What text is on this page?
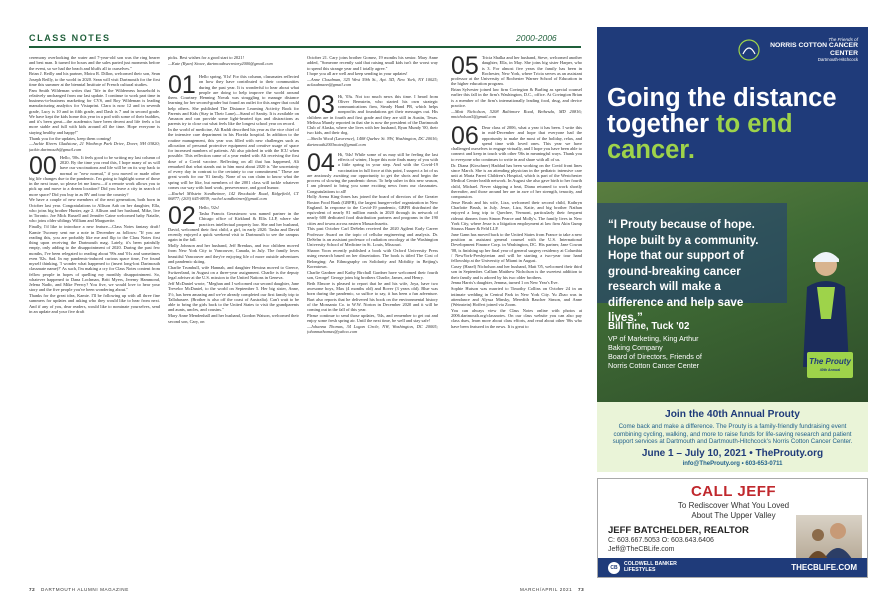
CLASS NOTES	2000-2006

ceremony overlooking the water and 7-year-old son was the ring bearer and best man. It turned for hours and the sales parted just moments before the event, so we had the beach and bluffs all to ourselves."

Brian J. Reilly and his partner, Moira R. Dillon, welcomed their son, Sean Joseph Reilly, to the world in 2020. Sean will visit Dartmouth for the first time this summer at the biennial Institute of French cultural studies.

Pam Smith Wildeman writes that "life in the Wilderness household is relatively unchanged from our last update. I continue to work part time in business-to-business marketing for CVS, and Roy Wildeman is leading manufacturing analytics for Vistaprint. Clara is now 12 and in seventh grade, Lucy is 10 and in fifth grade, and Dash is 7 and in second grade. We have kept the kids home this year in a pod with some of their buddies, and it's been great—the academics have been decent and life feels a lot more stable and full with kids around all the time. Hope everyone is staying healthy and happy!"

Thank you for the updates, keep them coming!

—Jackie Rivers Gladstone, 21 Winthrop Park Drive, Dover, NH 03820; jackie.dartmouth@gmail.com

00 Hello, '00s. It feels good to be writing my last column of 2020. By the time you read this, I hope many of us will have our vaccinations and life will be on its way back to normal or "new normal," if you moved or made other big life changes due to the pandemic. I'm going to highlight some of those in the next issue, so please let me know—if a remote work allows you to pick up and move to a dream location? Did you leave a city in search of more space? Did you buy in as RV and tour the country?

We have a couple of new members of the next generation, both born in October last year. Congratulations to Allison Aab on her daughter, Ella, who joins big brother Hunter, age 2. Allison and her husband, Mike, live in Toronto. Joe Mick Russell and Jennifer Caine welcomed baby Natalie, who joins older siblings William and Marguerite.

Finally, I'd like to introduce a new feature—Class Notes fantasy draft! Kamie Twomey sent me a note in December as follows: "If you are reading this, you are probably like me and flip to the Class Notes first thing upon receiving the Dartmouth mag. Lately, it's been painfully empty, only adding to the disappointment of 2020. During the past few months, I've been relegated to reading about '99s and '01s and sometimes even '02s. Sad. In my pandemic-induced curious space time, I've found myself thinking, 'I wonder what happened to (insert long-lost Dartmouth classmate name)?' As such, I'm making a cry for Class Notes content from fellow people in hopes of quelling my monthly disappointment. So, whatever happened to Dana Lochman, Britt Myers, Jeremy Hammond, Jelena Nadic, and Mike Peercy? You five, we would love to hear your story and the five people you've been wondering about."

Thanks for the great idea, Kamie. I'll be following up with all three fine summers for updates and asking who they would like to hear from next. And if any of you, dear readers, would like to nominate yourselves, send in an update and your five draft

picks. Best wishes for a good start to 2021!

—Kate (Ryan) Stowe, dartmouthsecretary2000@gmail.com

01 Hello spring, '01s! For this column, classmates reflected on how they have contributed to their communities during the past year. It is wonderful to hear about what people are doing to help improve the world around them. Courtney Henning Novak was struggling to manage distance learning for her second-grader but found an outlet for this anger that could help others. She published The Distance Learning Activity Book for Parents and Kids (Stay in Their Lane)—Stand of Sanity. It is available on Amazon and can provide some light-hearted tips and distractions as parents try to close out what feels like the longest school year on record.

In the world of medicine, Ali Raddi described his year as the vice chief of the intensive care department in his Florida hospital. In addition to the routine management, this year was filled with new challenges such as allocation of personal protective equipment and creative usage of space for increased numbers of patients. Ali also pitched in with the ICU when possible. This reflection came of a year ended with Ali receiving the first dose of a Covid vaccine. Reflecting on all that has happened, Ali remarked that what stands out to him most about 2020 is "the uncertainty of every day in contrast to the certainty to our commitment." These are great words for our '01 family. None of us can claim to know what the spring will be like, but members of the 2001 class will tackle whatever comes our way with hard work, perseverance, and good humor.

—Rachel Milstein Sondheimer, 142 Brookside Road, Ridgefield, CT 06877; (203) 645-8839; rachel.sondheimer@gmail.com

02 Hello, '02s!

Tasha Francis Gerasimow was named partner in the Chicago office of Kirkland & Ellis LLP, where she practices intellectual property law. She and her husband, David, welcomed their first child, a girl, in early 2020. Tasha and David recently enjoyed a quick weekend visit to Dartmouth to see the campus again in the fall.

Molly Johnson and her husband, Jeff Brenkus, and two children moved from New York City to Vancouver, Canada, in July. The family loves beautiful Vancouver and they're enjoying life of more outside adventures and pandemic skiing.

Charlie Trumbull, wife Hannah, and daughter Hewina moved to Greece, Switzerland, in August on a three-year assignment. Charlie is the deputy legal adviser at the U.S. mission to the United Nations in Geneva.

Jeff McDaniel wrote, "Meghan and I welcomed our second daughter, Jane Trevelor McDaniel, to the world on September 5. Her big sister, Anne, 3½, has been amazing and we've already completed our first family trip to Tallahassee. (Brother is also off the coast of Australia). Can't wait to be able to bring the girls back to the United States to visit the grandparents and aunts, uncles, and cousins."

Mary Anne Mendenhall and her husband, Gordon Watson, welcomed their second son, Cary, on

October 21. Cary joins brother Gomez, 19 months his senior. Mary Anne added, "Someone recently said that raising small kids isn't the worst way to spend this strange year and I totally agree."

I hope you all are well and keep sending in your updates!

—Anne Cloudman, 325 West 59th St., Apt. 5D, New York, NY 10025; aclaudmann@gmail.com

03 Hi, '03s. Not too much news this time. I heard from Oliver Bernstein, who started his own strategic communications firm, Steady Hand PR, which helps nonprofits and foundations get their messages out. His children are in fourth and first grade and they are still in Austin, Texas. Melissa Mundy reported in that she is now the president of the Dartmouth Club of Alaska, where she lives with her husband, Ryan Mundy '00, their two kids, and their dog.

—Sheila Wood (Lawrence), 1408 Quebec St. NW, Washington, DC 20016; dartmouth2003notes@gmail.com

04 Hi, '04s! While some of us may still be feeling the last effects of winter, I hope this note finds many of you with a little spring in your step. And with the Covid-19 vaccination in full force at this point, I suspect a lot of us are anxiously awaiting our opportunity to get the shots and begin the process of slowing the pandemic down. To help usher in this new season, I am pleased to bring you some exciting news from our classmates. Congratulations to all!

Holly Arena King-Jones has joined the board of directors of the Greater Boston Food Bank (GBFB), the largest hunger-relief organization in New England. In response to the Covid-19 pandemic, GBFB distributed the equivalent of nearly 81 million meals in 2020 through its network of nearly 600 dedicated food distribution partners and programs in the 190 cities and towns across eastern Massachusetts.

This past October Carl DeSelm received the 2020 Agilent Early Career Professor Award on the topic of cellular engineering and analysis. Dr. DeSelm is an assistant professor of radiation oncology at the Washington University School of Medicine in St. Louis, Missouri.

Sharon Yoon recently published a book with Oxford University Press using research based on her dissertation. The book is titled The Cost of Belonging: An Ethnography on Solidarity and Mobility in Beijing's Koreatown.

Charlie Gardner and Kathy Birchall Gardner have welcomed their fourth son, George! George joins big brothers Charlie, James, and Henry.

Beth Elmore is pleased to report that he and his wife, Joya, have two awesome boys, Max (4 months old) and Rover (3 years old). Blue was born during the pandemic, so suffice to say, it has been a fun adventure. Bart also reports that he delivered his book on the environmental history of the Monsanto Co. to W.W. Norton in December 2020 and it will be coming out in the fall of this year.

Please continue to send those updates, '04s, and remember to get out and enjoy some fresh spring air. Until the next time, be well and stay safe!

—Johanna Thomas, 34 Logan Circle, NW, Washington, DC 20005; johannathomas@yahoo.com

05 Tricia Shalka and her husband, Steve, welcomed another daughter, Ella, in May. She joins big sister Harper, who is 3. For almost five years the family has been in Rochester, New York, where Tricia serves as an assistant professor at the University of Rochester Warner School of Education in the higher education program.

Brian Sylvester joined law firm Covington & Burling as special counsel earlier this fall in the firm's Washington, D.C., office. At Covington Brian is a member of the firm's internationally leading food, drug, and device practice.

—Matt Nicholson, 5208 Baltimore Road, Bethesda, MD 20816; mnicholson5@gmail.com

06 Dear class of 2006, what a year it has been. I write this in mid-December and hope that everyone had the opportunity to make the most of the holiday, relax, and spend time with loved ones. This year we have challenged ourselves to engage virtually, and I hope you have been able to connect and keep in touch with other '06s in meaningful ways. Thank you to everyone who continues to write in and share with all of us.

Dr. Diana (Kirschner) Haddad has been working on the Covid front lines since March. She is an attending physician in the pediatric intensive care unit at Maria Fareri Children's Hospital, which is part of the Westchester Medical Center health network. In August she also gave birth to her fourth child, Michael. Never skipping a beat, Diana returned to work shortly thereafter, and those around her are in awe of her strength, tenacity, and compassion.

Jesse Brush and his wife, Liza, welcomed their second child, Kathryn Charlotte Brush, in July. Jesse, Liza, Katie, and big brother Nathan enjoyed a long trip to Quechee, Vermont, particularly their frequent rideout dinners from Simon Pearce and Molly's. The family lives in New York City, where Jesse is a litigation employment at law firm Akin Gump Strauss Hauer & Feld LLP.

Jane Gann has moved back to the United States from France to take a new position as assistant general counsel with the U.S. International Development Finance Corp. in Washington, DC. His partner, Jane Cowan '08, is finishing up her final year of general surgery residency at Columbia / NewYork-Presbyterian and will be starting a two-year tour hand fellowship at the University of Miami in August.

Casey (Hazel) Nicholson and her husband, Matt '05, welcomed their third son in September. Callum Matthew Nicholson is the sweetest addition to their family and is adored by his two older brothers.

Jenna Harris's daughter, Jemma, turned 1 on New Year's Eve.

Sophie Hutson was married to Timothy Collins on October 24 in an intimate wedding in Central Park in New York City. Yu Zhao was in attendance and Alyssa Minsky, Meredith Rascher Simon, and Anne (Weinstein) Hoffert joined via Zoom.

You can always view the Class Notes online with photos at 2006.dartmouth.org/classnotes. On our class website you can also pay class dues, learn more about class efforts, and read about other '06s who have been featured in the news. It is great to

72 DARTMOUTH ALUMNI MAGAZINE	MARCH/APRIL 2021 73
The Friends of
NORRIS COTTON CANCER CENTER
Dartmouth-Hitchcock
Going the distance together to end cancer.
“I Prouty because of hope. Hope built by a community. Hope that our support of ground-breaking cancer research will make a difference and help save lives.”
Bill Tine, Tuck '02
VP of Marketing, King Arthur
Baking Company
Board of Directors, Friends of
Norris Cotton Cancer Center	The Prouty
40th Annual
Join the 40th Annual Prouty
Come back and make a difference. The Prouty is a family-friendly fundraising event combining cycling, walking, and more to raise funds for life-saving research and patient support services at Dartmouth and Dartmouth-Hitchcock's Norris Cotton Cancer Center.
June 1 – July 10, 2021 • TheProuty.org
info@TheProuty.org • 603-653-0711
CALL JEFF
To Rediscover What You Loved
About The Upper Valley
JEFF BATCHELDER, REALTOR
C: 603.667.5053 O: 603.643.6406
Jeff@TheCBLife.com
CB
COLDWELL BANKER
LIFESTYLES	THECBLIFE.COM
